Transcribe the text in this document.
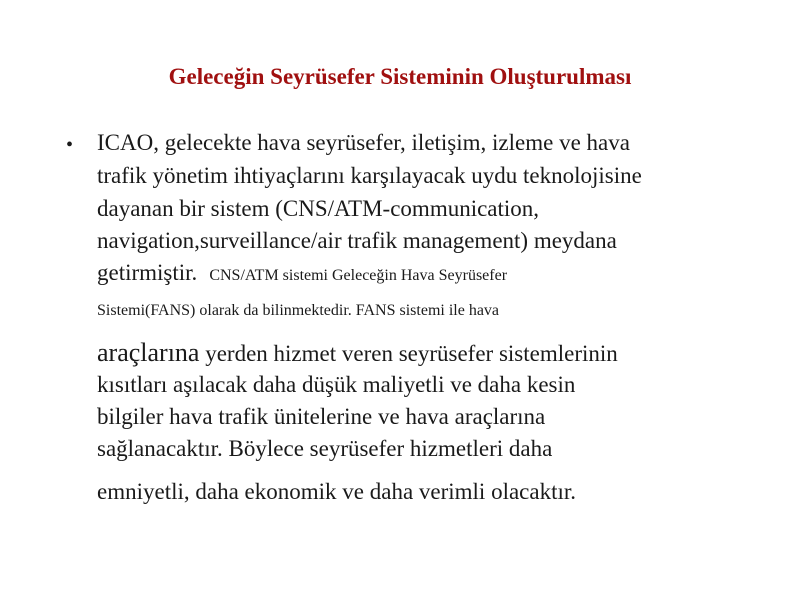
Geleceğin Seyrüsefer Sisteminin Oluşturulması
• ICAO, gelecekte hava seyrüsefer, iletişim, izleme ve hava
trafik yönetim ihtiyaçlarını karşılayacak uydu teknolojisine
dayanan bir sistem (CNS/ATM-communication,
navigation,surveillance/air trafik management) meydana
getirmiştir. CNS/ATM sistemi Geleceğin Hava Seyrüsefer
Sistemi(FANS) olarak da bilinmektedir. FANS sistemi ile hava
araçlarına yerden hizmet veren seyrüsefer sistemlerinin
kısıtları aşılacak daha düşük maliyetli ve daha kesin
bilgiler hava trafik ünitelerine ve hava araçlarına
sağlanacaktır. Böylece seyrüsefer hizmetleri daha
emniyetli, daha ekonomik ve daha verimli olacaktır.
